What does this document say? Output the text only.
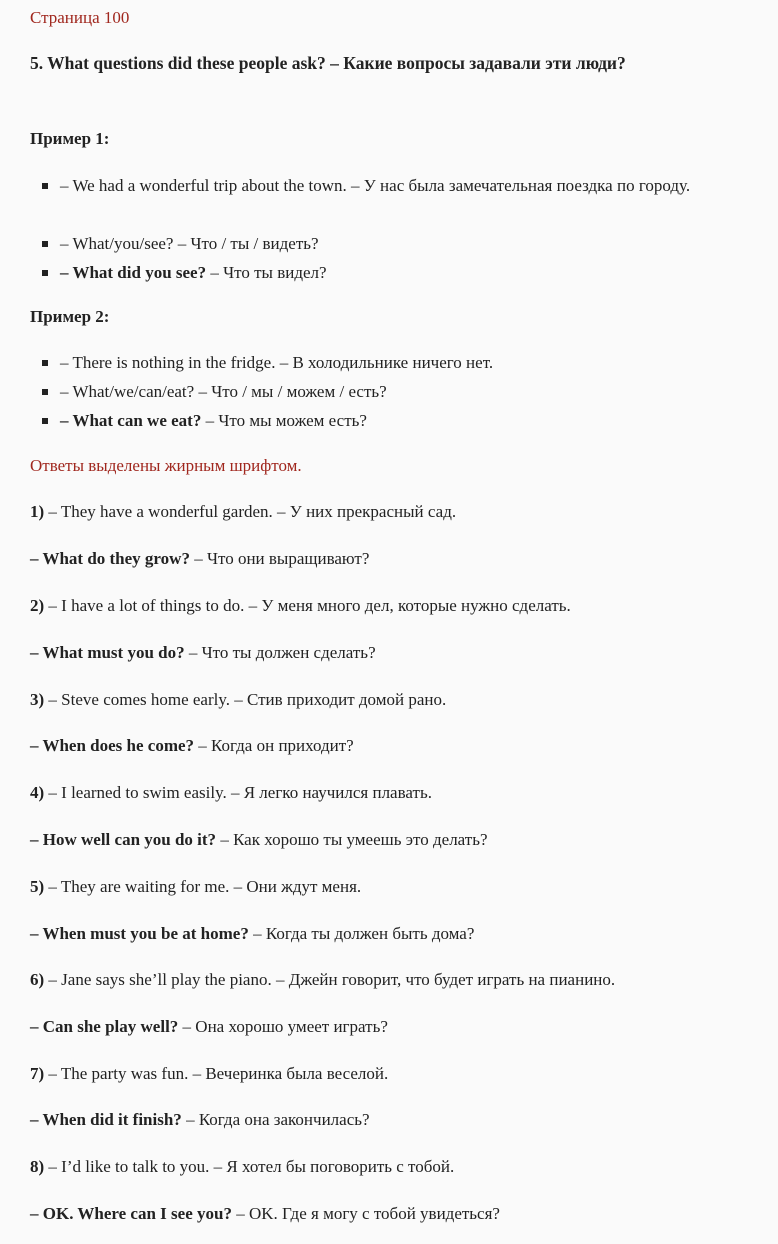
Страница 100
5. What questions did these people ask? – Какие вопросы задавали эти люди?
Пример 1:
– We had a wonderful trip about the town. – У нас была замечательная поездка по городу.
– What/you/see? – Что / ты / видеть?
– What did you see? – Что ты видел?
Пример 2:
– There is nothing in the fridge. – В холодильнике ничего нет.
– What/we/can/eat? – Что / мы / можем / есть?
– What can we eat? – Что мы можем есть?
Ответы выделены жирным шрифтом.
1) – They have a wonderful garden. – У них прекрасный сад.
– What do they grow? – Что они выращивают?
2) – I have a lot of things to do. – У меня много дел, которые нужно сделать.
– What must you do? – Что ты должен сделать?
3) – Steve comes home early. – Стив приходит домой рано.
– When does he come? – Когда он приходит?
4) – I learned to swim easily. – Я легко научился плавать.
– How well can you do it? – Как хорошо ты умеешь это делать?
5) – They are waiting for me. – Они ждут меня.
– When must you be at home? – Когда ты должен быть дома?
6) – Jane says she’ll play the piano. – Джейн говорит, что будет играть на пианино.
– Can she play well? – Она хорошо умеет играть?
7) – The party was fun. – Вечеринка была веселой.
– When did it finish? – Когда она закончилась?
8) – I’d like to talk to you. – Я хотел бы поговорить с тобой.
– OK. Where can I see you? – OK. Где я могу с тобой увидеться?
